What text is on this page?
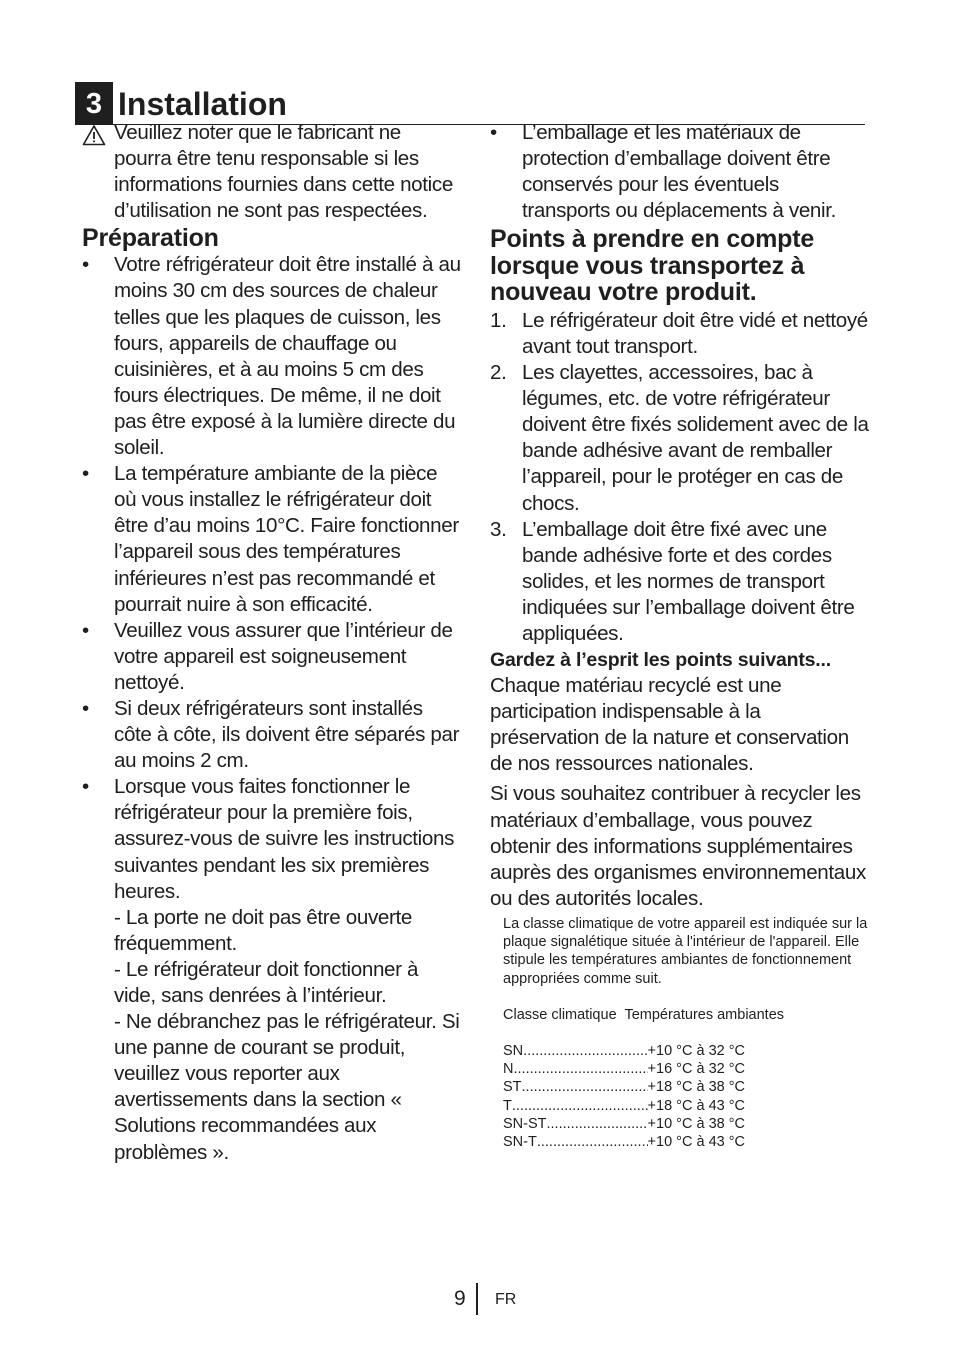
3 Installation
Veuillez noter que le fabricant ne pourra être tenu responsable si les informations fournies dans cette notice d’utilisation ne sont pas respectées.
Préparation
•	Votre réfrigérateur doit être installé à au moins 30 cm des sources de chaleur telles que les plaques de cuisson, les fours, appareils de chauffage ou cuisinières, et à au moins 5 cm des fours électriques. De même, il ne doit pas être exposé à la lumière directe du soleil.
•	La température ambiante de la pièce où vous installez le réfrigérateur doit être d’au moins 10°C. Faire fonctionner l’appareil sous des températures inférieures n’est pas recommandé et pourrait nuire à son efficacité.
•	Veuillez vous assurer que l’intérieur de votre appareil est soigneusement nettoyé.
•	Si deux réfrigérateurs sont installés côte à côte, ils doivent être séparés par au moins 2 cm.
•	Lorsque vous faites fonctionner le réfrigérateur pour la première fois, assurez-vous de suivre les instructions suivantes pendant les six premières heures.
- La porte ne doit pas être ouverte fréquemment.
- Le réfrigérateur doit fonctionner à vide, sans denrées à l’intérieur.
- Ne débranchez pas le réfrigérateur. Si une panne de courant se produit, veuillez vous reporter aux avertissements dans la section « Solutions recommandées aux problèmes ».
•	L’emballage et les matériaux de protection d’emballage doivent être conservés pour les éventuels transports ou déplacements à venir.
Points à prendre en compte lorsque vous transportez à nouveau votre produit.
1. Le réfrigérateur doit être vidé et nettoyé avant tout transport.
2. Les clayettes, accessoires, bac à légumes, etc. de votre réfrigérateur doivent être fixés solidement avec de la bande adhésive avant de remballer l’appareil, pour le protéger en cas de chocs.
3. L’emballage doit être fixé avec une bande adhésive forte et des cordes solides, et les normes de transport indiquées sur l’emballage doivent être appliquées.
Gardez à l’esprit les points suivants...

Chaque matériau recyclé est une participation indispensable à la préservation de la nature et conservation de nos ressources nationales.

Si vous souhaitez contribuer à recycler les matériaux d’emballage, vous pouvez obtenir des informations supplémentaires auprès des organismes environnementaux ou des autorités locales.

La classe climatique de votre appareil est indiquée sur la plaque signalétique située à l'intérieur de l'appareil. Elle stipule les températures ambiantes de fonctionnement appropriées comme suit.
Classe climatique Températures ambiantes
SN .....	+10 °C à 32 °C
N .....	+16 °C à 32 °C
ST .....	+18 °C à 38 °C
T .....	+18 °C à 43 °C
SN-ST .....	+10 °C à 38 °C
SN-T .....	+10 °C à 43 °C
9 FR
